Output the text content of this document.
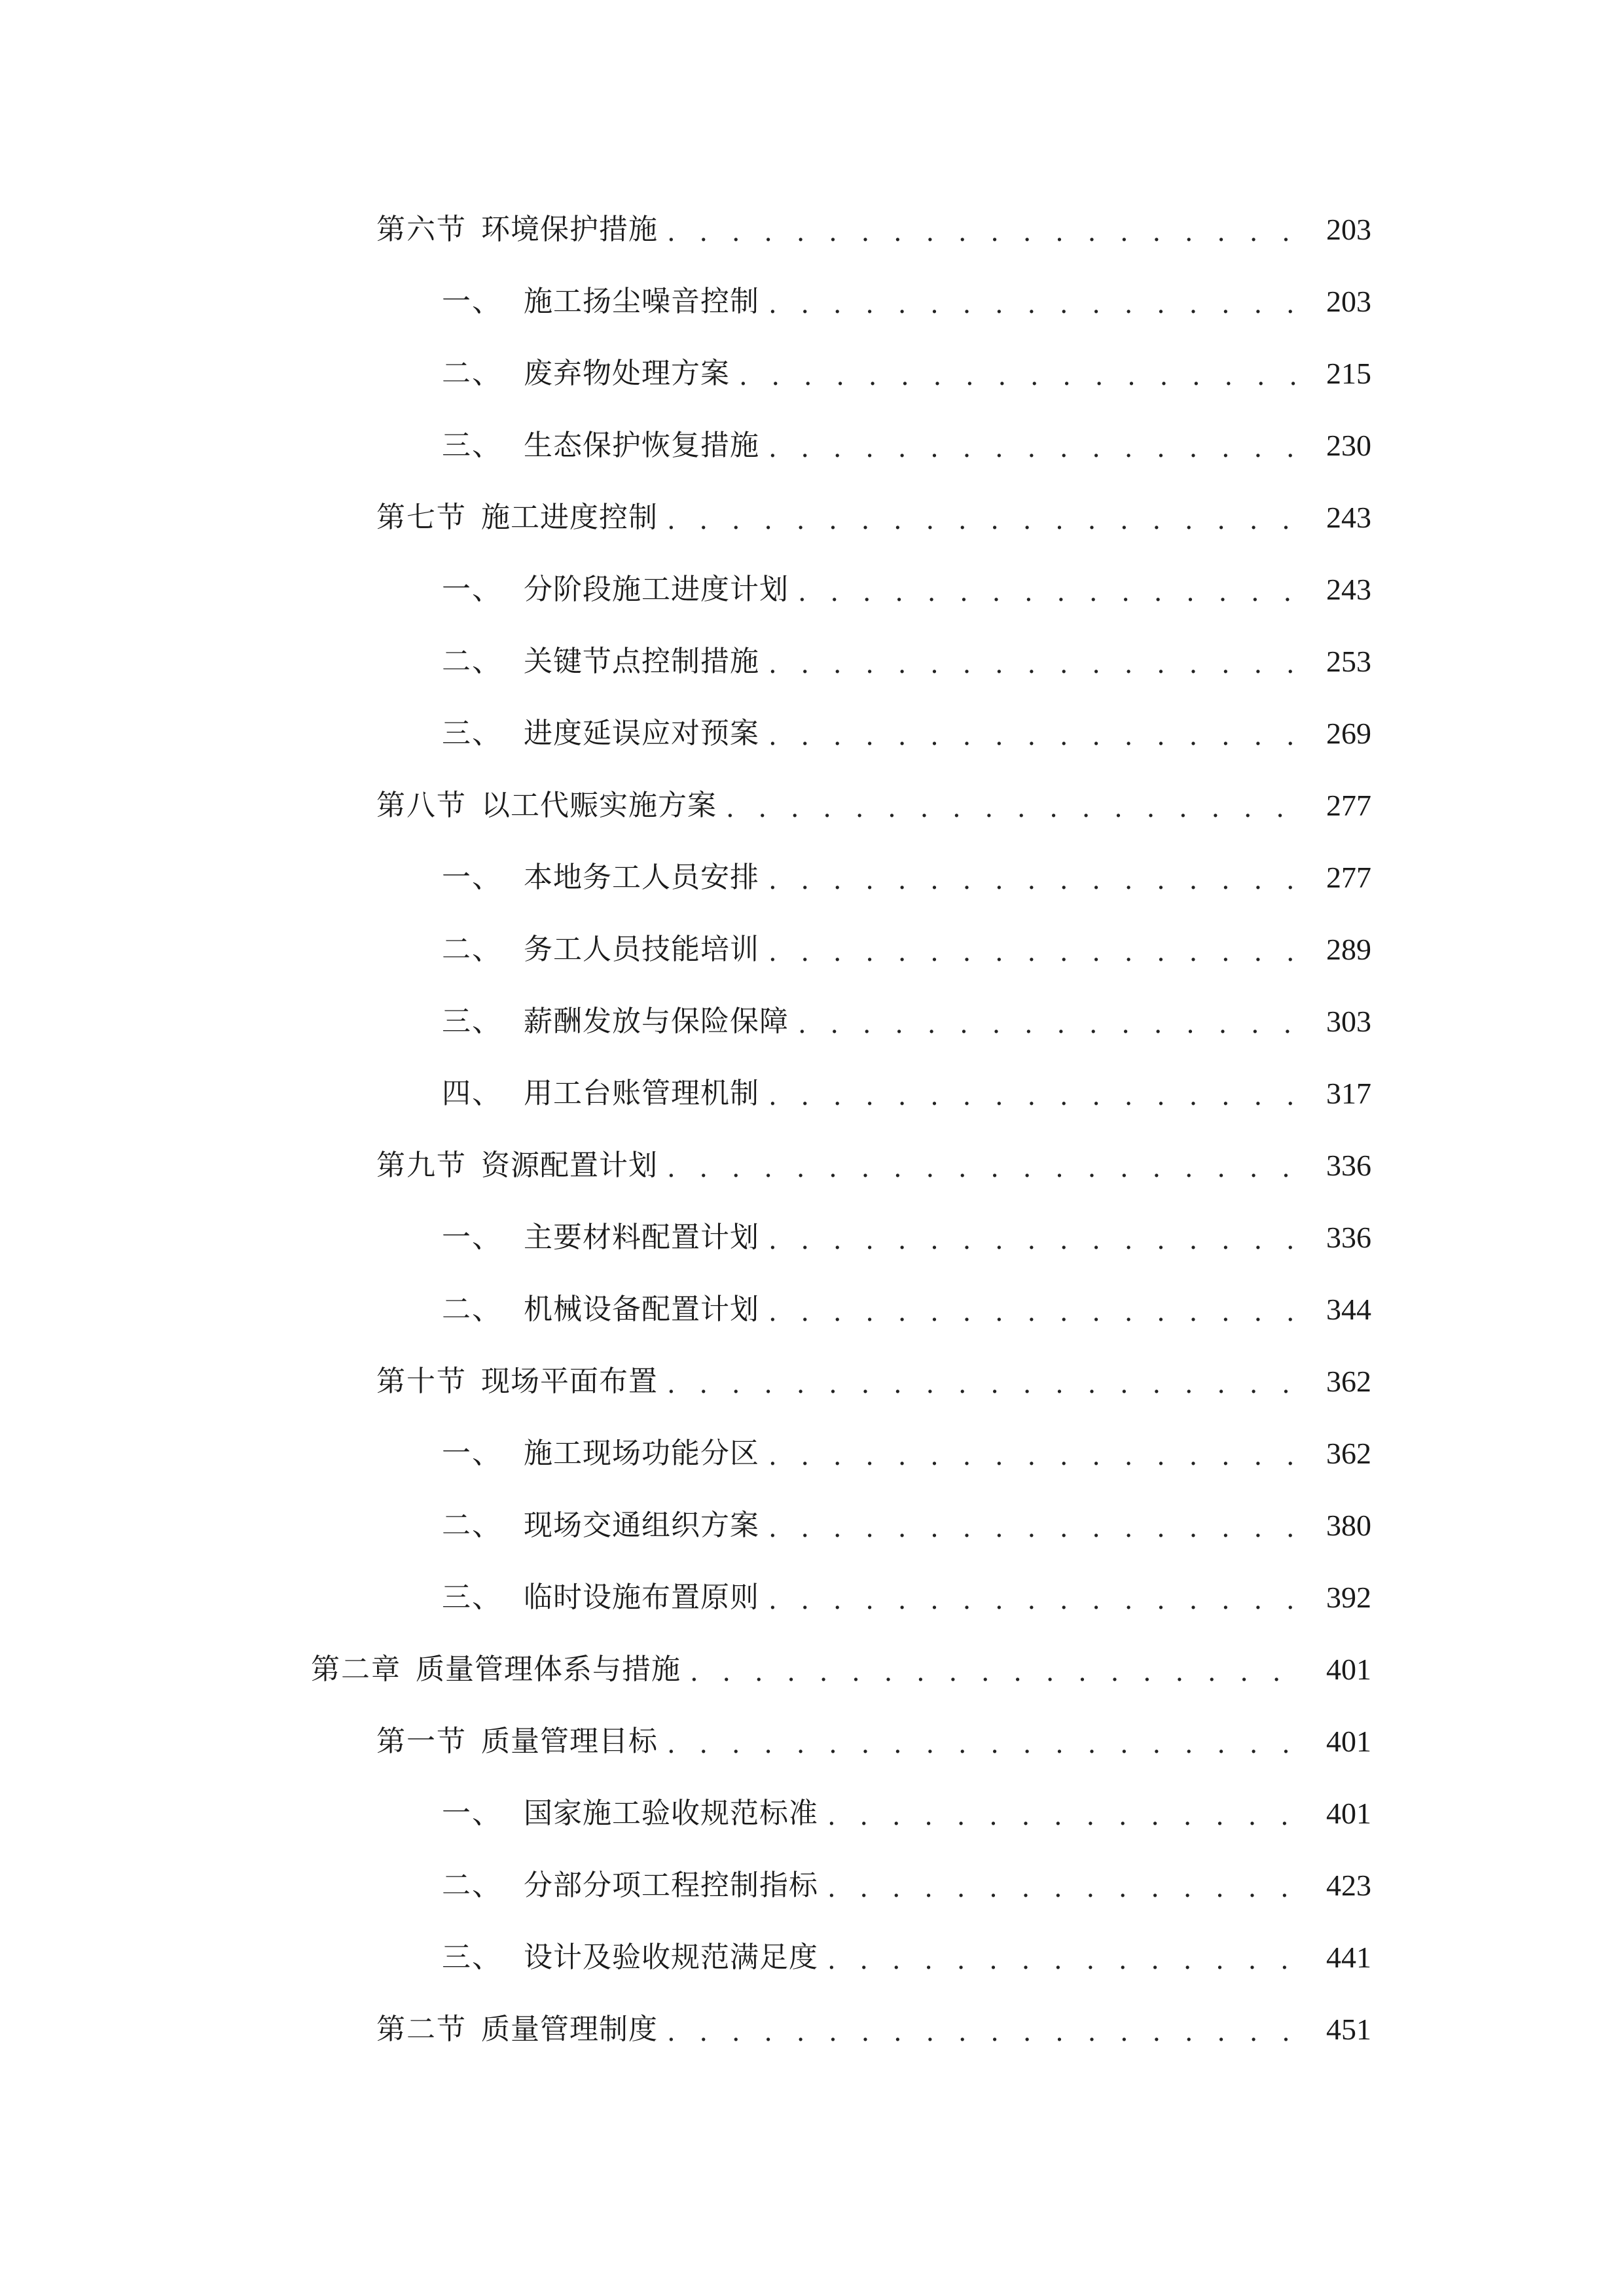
第六节 环境保护措施 . . .	203
一、 施工扬尘噪音控制 . . .	203
二、 废弃物处理方案 . . .	215
三、 生态保护恢复措施 . . .	230
第七节 施工进度控制 . . .	243
一、 分阶段施工进度计划 . . .	243
二、 关键节点控制措施 . . .	253
三、 进度延误应对预案 . . .	269
第八节 以工代赈实施方案 . . .	277
一、 本地务工人员安排 . . .	277
二、 务工人员技能培训 . . .	289
三、 薪酬发放与保险保障 . . .	303
四、 用工台账管理机制 . . .	317
第九节 资源配置计划 . . .	336
一、 主要材料配置计划 . . .	336
二、 机械设备配置计划 . . .	344
第十节 现场平面布置 . . .	362
一、 施工现场功能分区 . . .	362
二、 现场交通组织方案 . . .	380
三、 临时设施布置原则 . . .	392
第二章 质量管理体系与措施 . . .	401
第一节 质量管理目标 . . .	401
一、 国家施工验收规范标准 . . .	401
二、 分部分项工程控制指标 . . .	423
三、 设计及验收规范满足度 . . .	441
第二节 质量管理制度 . . .	451
